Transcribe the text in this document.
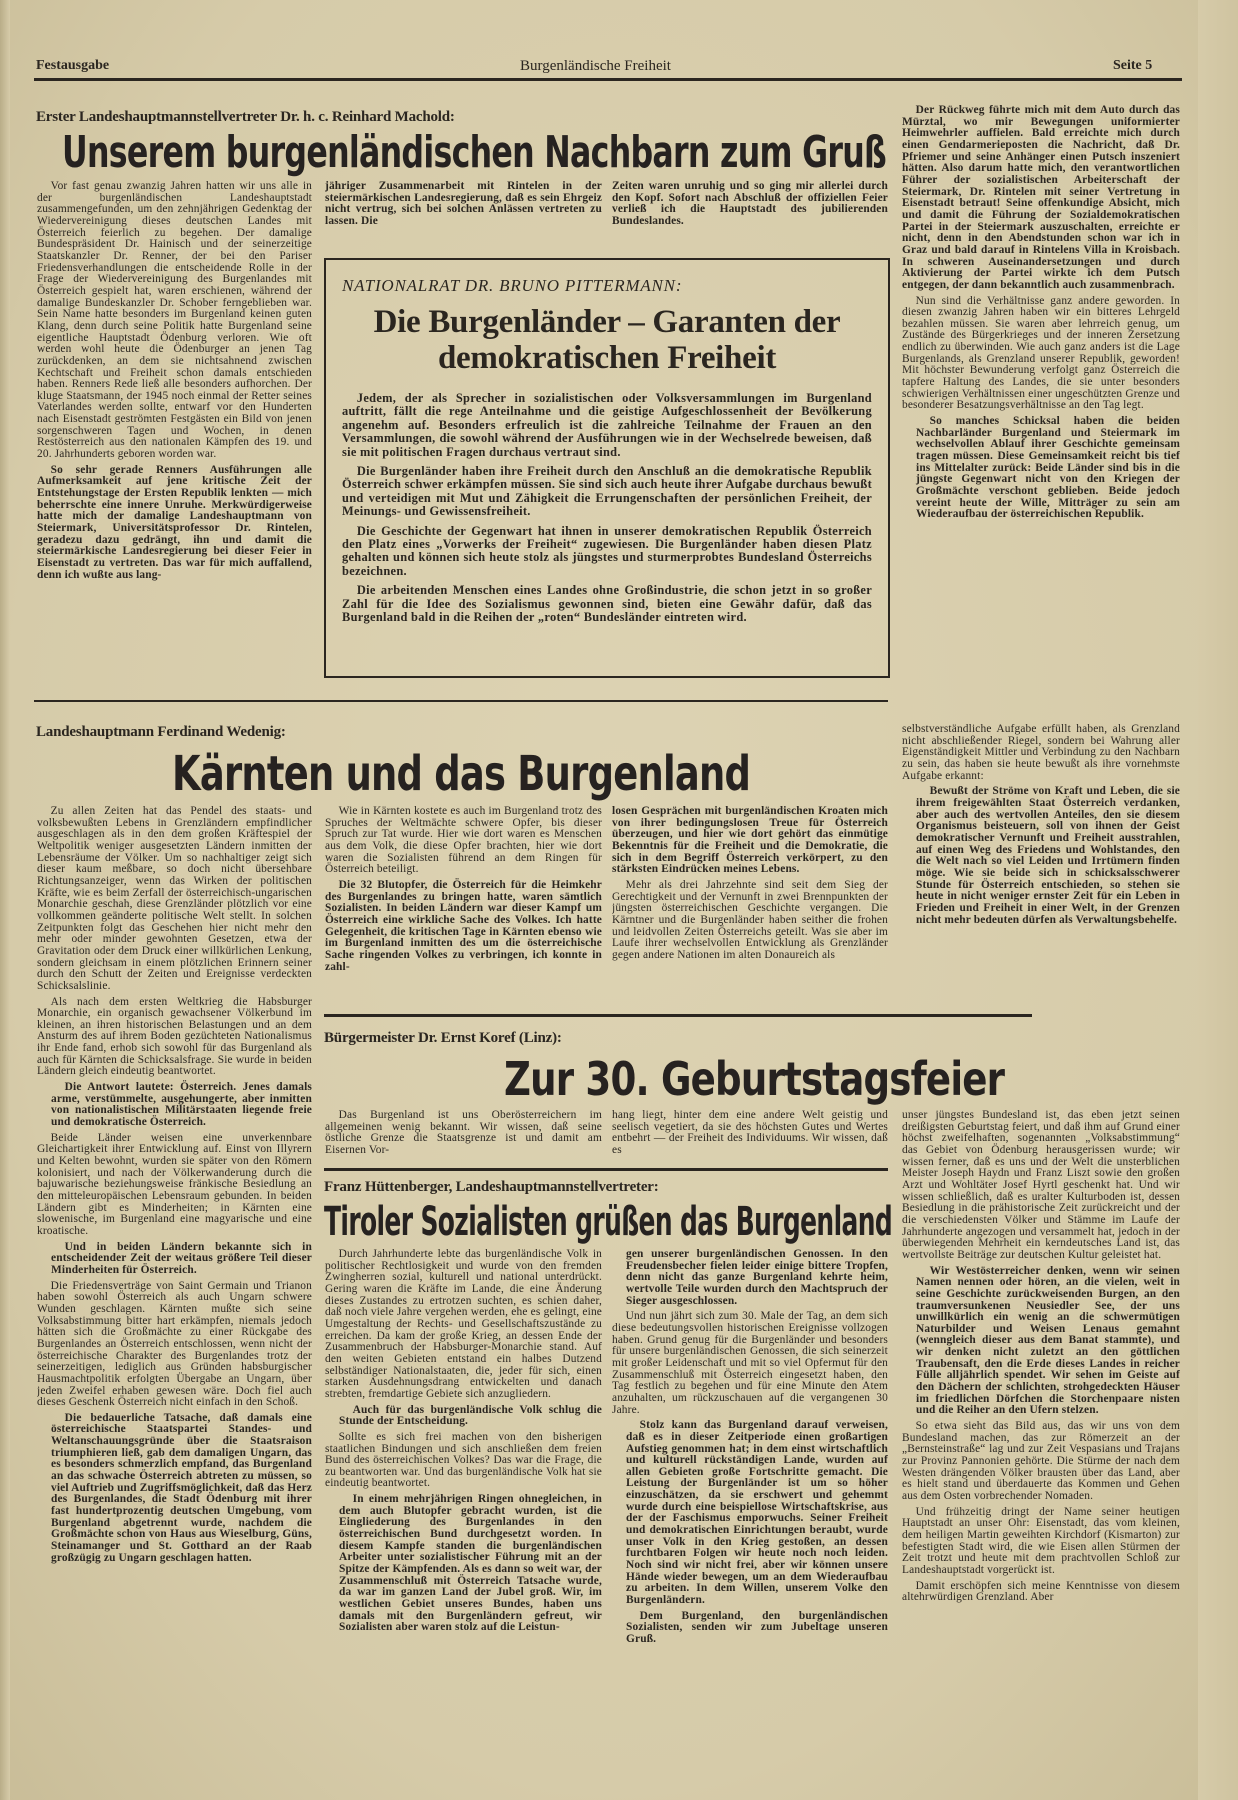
Festausgabe	Burgenländische Freiheit	Seite 5
Erster Landeshauptmannstellvertreter Dr. h. c. Reinhard Machold:
Unserem burgenländischen Nachbarn zum Gruß

Vor fast genau zwanzig Jahren hatten wir uns alle in der burgenländischen Landeshauptstadt zusammengefunden, um den zehnjährigen Gedenktag der Wiedervereinigung dieses deutschen Landes mit Österreich feierlich zu begehen. Der damalige Bundespräsident Dr. Hainisch und der seinerzeitige Staatskanzler Dr. Renner, der bei den Pariser Friedensverhandlungen die entscheidende Rolle in der Frage der Wiedervereinigung des Burgenlandes mit Österreich gespielt hat, waren erschienen, während der damalige Bundeskanzler Dr. Schober ferngeblieben war. Sein Name hatte besonders im Burgenland keinen guten Klang, denn durch seine Politik hatte Burgenland seine eigentliche Hauptstadt Ödenburg verloren. Wie oft werden wohl heute die Ödenburger an jenen Tag zurückdenken, an dem sie nichtsahnend zwischen Kechtschaft und Freiheit schon damals entschieden haben. Renners Rede ließ alle besonders aufhorchen. Der kluge Staatsmann, der 1945 noch einmal der Retter seines Vaterlandes werden sollte, entwarf vor den Hunderten nach Eisenstadt geströmten Festgästen ein Bild von jenen sorgenschweren Tagen und Wochen, in denen Restösterreich aus den nationalen Kämpfen des 19. und 20. Jahrhunderts geboren worden war.

So sehr gerade Renners Ausführungen alle Aufmerksamkeit auf jene kritische Zeit der Entstehungstage der Ersten Republik lenkten — mich beherrschte eine innere Unruhe. Merkwürdigerweise hatte mich der damalige Landeshauptmann von Steiermark, Universitätsprofessor Dr. Rintelen, geradezu dazu gedrängt, ihn und damit die steiermärkische Landesregierung bei dieser Feier in Eisenstadt zu vertreten. Das war für mich auffallend, denn ich wußte aus lang-

jähriger Zusammenarbeit mit Rintelen in der steiermärkischen Landesregierung, daß es sein Ehrgeiz nicht vertrug, sich bei solchen Anlässen vertreten zu lassen. Die

Zeiten waren unruhig und so ging mir allerlei durch den Kopf. Sofort nach Abschluß der offiziellen Feier verließ ich die Hauptstadt des jubilierenden Bundeslandes.

Der Rückweg führte mich mit dem Auto durch das Mürztal, wo mir Bewegungen uniformierter Heimwehrler auffielen. Bald erreichte mich durch einen Gendarmerieposten die Nachricht, daß Dr. Pfriemer und seine Anhänger einen Putsch inszeniert hätten. Also darum hatte mich, den verantwortlichen Führer der sozialistischen Arbeiterschaft der Steiermark, Dr. Rintelen mit seiner Vertretung in Eisenstadt betraut! Seine offenkundige Absicht, mich und damit die Führung der Sozialdemokratischen Partei in der Steiermark auszuschalten, erreichte er nicht, denn in den Abendstunden schon war ich in Graz und bald darauf in Rintelens Villa in Kroisbach. In schweren Auseinandersetzungen und durch Aktivierung der Partei wirkte ich dem Putsch entgegen, der dann bekanntlich auch zusammenbrach.

Nun sind die Verhältnisse ganz andere geworden. In diesen zwanzig Jahren haben wir ein bitteres Lehrgeld bezahlen müssen. Sie waren aber lehrreich genug, um Zustände des Bürgerkrieges und der inneren Zersetzung endlich zu überwinden. Wie auch ganz anders ist die Lage Burgenlands, als Grenzland unserer Republik, geworden! Mit höchster Bewunderung verfolgt ganz Österreich die tapfere Haltung des Landes, die sie unter besonders schwierigen Verhältnissen einer ungeschützten Grenze und besonderer Besatzungsverhältnisse an den Tag legt.

So manches Schicksal haben die beiden Nachbarländer Burgenland und Steiermark im wechselvollen Ablauf ihrer Geschichte gemeinsam tragen müssen. Diese Gemeinsamkeit reicht bis tief ins Mittelalter zurück: Beide Länder sind bis in die jüngste Gegenwart nicht von den Kriegen der Großmächte verschont geblieben. Beide jedoch vereint heute der Wille, Mitträger zu sein am Wiederaufbau der österreichischen Republik.

NATIONALRAT DR. BRUNO PITTERMANN:
Die Burgenländer – Garanten der demokratischen Freiheit

Jedem, der als Sprecher in sozialistischen oder Volksversammlungen im Burgenland auftritt, fällt die rege Anteilnahme und die geistige Aufgeschlossenheit der Bevölkerung angenehm auf. Besonders erfreulich ist die zahlreiche Teilnahme der Frauen an den Versammlungen, die sowohl während der Ausführungen wie in der Wechselrede beweisen, daß sie mit politischen Fragen durchaus vertraut sind.

Die Burgenländer haben ihre Freiheit durch den Anschluß an die demokratische Republik Österreich schwer erkämpfen müssen. Sie sind sich auch heute ihrer Aufgabe durchaus bewußt und verteidigen mit Mut und Zähigkeit die Errungenschaften der persönlichen Freiheit, der Meinungs- und Gewissensfreiheit.

Die Geschichte der Gegenwart hat ihnen in unserer demokratischen Republik Österreich den Platz eines „Vorwerks der Freiheit“ zugewiesen. Die Burgenländer haben diesen Platz gehalten und können sich heute stolz als jüngstes und sturmerprobtes Bundesland Österreichs bezeichnen.

Die arbeitenden Menschen eines Landes ohne Großindustrie, die schon jetzt in so großer Zahl für die Idee des Sozialismus gewonnen sind, bieten eine Gewähr dafür, daß das Burgenland bald in die Reihen der „roten“ Bundesländer eintreten wird.

Landeshauptmann Ferdinand Wedenig:
Kärnten und das Burgenland

Zu allen Zeiten hat das Pendel des staats- und volksbewußten Lebens in Grenzländern empfindlicher ausgeschlagen als in den dem großen Kräftespiel der Weltpolitik weniger ausgesetzten Ländern inmitten der Lebensräume der Völker. Um so nachhaltiger zeigt sich dieser kaum meßbare, so doch nicht übersehbare Richtungsanzeiger, wenn das Wirken der politischen Kräfte, wie es beim Zerfall der österreichisch-ungarischen Monarchie geschah, diese Grenzländer plötzlich vor eine vollkommen geänderte politische Welt stellt. In solchen Zeitpunkten folgt das Geschehen hier nicht mehr den mehr oder minder gewohnten Gesetzen, etwa der Gravitation oder dem Druck einer willkürlichen Lenkung, sondern gleichsam in einem plötzlichen Erinnern seiner durch den Schutt der Zeiten und Ereignisse verdeckten Schicksalslinie.

Als nach dem ersten Weltkrieg die Habsburger Monarchie, ein organisch gewachsener Völkerbund im kleinen, an ihren historischen Belastungen und an dem Ansturm des auf ihrem Boden gezüchteten Nationalismus ihr Ende fand, erhob sich sowohl für das Burgenland als auch für Kärnten die Schicksalsfrage. Sie wurde in beiden Ländern gleich eindeutig beantwortet.

Die Antwort lautete: Österreich. Jenes damals arme, verstümmelte, ausgehungerte, aber inmitten von nationalistischen Militärstaaten liegende freie und demokratische Österreich.

Beide Länder weisen eine unverkennbare Gleichartigkeit ihrer Entwicklung auf. Einst von Illyrern und Kelten bewohnt, wurden sie später von den Römern kolonisiert, und nach der Völkerwanderung durch die bajuwarische beziehungsweise fränkische Besiedlung an den mitteleuropäischen Lebensraum gebunden. In beiden Ländern gibt es Minderheiten; in Kärnten eine slowenische, im Burgenland eine magyarische und eine kroatische.

Und in beiden Ländern bekannte sich in entscheidender Zeit der weitaus größere Teil dieser Minderheiten für Österreich.

Die Friedensverträge von Saint Germain und Trianon haben sowohl Österreich als auch Ungarn schwere Wunden geschlagen. Kärnten mußte sich seine Volksabstimmung bitter hart erkämpfen, niemals jedoch hätten sich die Großmächte zu einer Rückgabe des Burgenlandes an Österreich entschlossen, wenn nicht der österreichische Charakter des Burgenlandes trotz der seinerzeitigen, lediglich aus Gründen habsburgischer Hausmachtpolitik erfolgten Übergabe an Ungarn, über jeden Zweifel erhaben gewesen wäre. Doch fiel auch dieses Geschenk Österreich nicht einfach in den Schoß.

Die bedauerliche Tatsache, daß damals eine österreichische Staatspartei Standes- und Weltanschauungsgründe über die Staatsraison triumphieren ließ, gab dem damaligen Ungarn, das es besonders schmerzlich empfand, das Burgenland an das schwache Österreich abtreten zu müssen, so viel Auftrieb und Zugriffsmöglichkeit, daß das Herz des Burgenlandes, die Stadt Ödenburg mit ihrer fast hundertprozentig deutschen Umgebung, vom Burgenland abgetrennt wurde, nachdem die Großmächte schon von Haus aus Wieselburg, Güns, Steinamanger und St. Gotthard an der Raab großzügig zu Ungarn geschlagen hatten.

Wie in Kärnten kostete es auch im Burgenland trotz des Spruches der Weltmächte schwere Opfer, bis dieser Spruch zur Tat wurde. Hier wie dort waren es Menschen aus dem Volk, die diese Opfer brachten, hier wie dort waren die Sozialisten führend an dem Ringen für Österreich beteiligt.

Die 32 Blutopfer, die Österreich für die Heimkehr des Burgenlandes zu bringen hatte, waren sämtlich Sozialisten. In beiden Ländern war dieser Kampf um Österreich eine wirkliche Sache des Volkes. Ich hatte Gelegenheit, die kritischen Tage in Kärnten ebenso wie im Burgenland inmitten des um die österreichische Sache ringenden Volkes zu verbringen, ich konnte in zahl-

losen Gesprächen mit burgenländischen Kroaten mich von ihrer bedingungslosen Treue für Österreich überzeugen, und hier wie dort gehört das einmütige Bekenntnis für die Freiheit und die Demokratie, die sich in dem Begriff Österreich verkörpert, zu den stärksten Eindrücken meines Lebens.

Mehr als drei Jahrzehnte sind seit dem Sieg der Gerechtigkeit und der Vernunft in zwei Brennpunkten der jüngsten österreichischen Geschichte vergangen. Die Kärntner und die Burgenländer haben seither die frohen und leidvollen Zeiten Österreichs geteilt. Was sie aber im Laufe ihrer wechselvollen Entwicklung als Grenzländer gegen andere Nationen im alten Donaureich als

selbstverständliche Aufgabe erfüllt haben, als Grenzland nicht abschließender Riegel, sondern bei Wahrung aller Eigenständigkeit Mittler und Verbindung zu den Nachbarn zu sein, das haben sie heute bewußt als ihre vornehmste Aufgabe erkannt:

Bewußt der Ströme von Kraft und Leben, die sie ihrem freigewählten Staat Österreich verdanken, aber auch des wertvollen Anteiles, den sie diesem Organismus beisteuern, soll von ihnen der Geist demokratischer Vernunft und Freiheit ausstrahlen, auf einen Weg des Friedens und Wohlstandes, den die Welt nach so viel Leiden und Irrtümern finden möge. Wie sie beide sich in schicksalsschwerer Stunde für Österreich entschieden, so stehen sie heute in nicht weniger ernster Zeit für ein Leben in Frieden und Freiheit in einer Welt, in der Grenzen nicht mehr bedeuten dürfen als Verwaltungsbehelfe.

Bürgermeister Dr. Ernst Koref (Linz):
Zur 30. Geburtstagsfeier

Das Burgenland ist uns Oberösterreichern im allgemeinen wenig bekannt. Wir wissen, daß seine östliche Grenze die Staatsgrenze ist und damit am Eisernen Vor-

hang liegt, hinter dem eine andere Welt geistig und seelisch vegetiert, da sie des höchsten Gutes und Wertes entbehrt — der Freiheit des Individuums. Wir wissen, daß es

unser jüngstes Bundesland ist, das eben jetzt seinen dreißigsten Geburtstag feiert, und daß ihm auf Grund einer höchst zweifelhaften, sogenannten „Volksabstimmung“ das Gebiet von Ödenburg herausgerissen wurde; wir wissen ferner, daß es uns und der Welt die unsterblichen Meister Joseph Haydn und Franz Liszt sowie den großen Arzt und Wohltäter Josef Hyrtl geschenkt hat. Und wir wissen schließlich, daß es uralter Kulturboden ist, dessen Besiedlung in die prähistorische Zeit zurückreicht und der die verschiedensten Völker und Stämme im Laufe der Jahrhunderte angezogen und versammelt hat, jedoch in der überwiegenden Mehrheit ein kerndeutsches Land ist, das wertvollste Beiträge zur deutschen Kultur geleistet hat.

Wir Westösterreicher denken, wenn wir seinen Namen nennen oder hören, an die vielen, weit in seine Geschichte zurückweisenden Burgen, an den traumversunkenen Neusiedler See, der uns unwillkürlich ein wenig an die schwermütigen Naturbilder und Weisen Lenaus gemahnt (wenngleich dieser aus dem Banat stammte), und wir denken nicht zuletzt an den göttlichen Traubensaft, den die Erde dieses Landes in reicher Fülle alljährlich spendet. Wir sehen im Geiste auf den Dächern der schlichten, strohgedeckten Häuser im friedlichen Dörfchen die Storchenpaare nisten und die Reiher an den Ufern stelzen.

So etwa sieht das Bild aus, das wir uns von dem Bundesland machen, das zur Römerzeit an der „Bernsteinstraße“ lag und zur Zeit Vespasians und Trajans zur Provinz Pannonien gehörte. Die Stürme der nach dem Westen drängenden Völker brausten über das Land, aber es hielt stand und überdauerte das Kommen und Gehen aus dem Osten vorbrechender Nomaden.

Und frühzeitig dringt der Name seiner heutigen Hauptstadt an unser Ohr: Eisenstadt, das vom kleinen, dem heiligen Martin geweihten Kirchdorf (Kismarton) zur befestigten Stadt wird, die wie Eisen allen Stürmen der Zeit trotzt und heute mit dem prachtvollen Schloß zur Landeshauptstadt vorgerückt ist.

Damit erschöpfen sich meine Kenntnisse von diesem altehrwürdigen Grenzland. Aber

Franz Hüttenberger, Landeshauptmannstellvertreter:
Tiroler Sozialisten grüßen das Burgenland

Durch Jahrhunderte lebte das burgenländische Volk in politischer Rechtlosigkeit und wurde von den fremden Zwingherren sozial, kulturell und national unterdrückt. Gering waren die Kräfte im Lande, die eine Änderung dieses Zustandes zu ertrotzen suchten, es schien daher, daß noch viele Jahre vergehen werden, ehe es gelingt, eine Umgestaltung der Rechts- und Gesellschaftszustände zu erreichen. Da kam der große Krieg, an dessen Ende der Zusammenbruch der Habsburger-Monarchie stand. Auf den weiten Gebieten entstand ein halbes Dutzend selbständiger Nationalstaaten, die, jeder für sich, einen starken Ausdehnungsdrang entwickelten und danach strebten, fremdartige Gebiete sich anzugliedern.

Auch für das burgenländische Volk schlug die Stunde der Entscheidung.

Sollte es sich frei machen von den bisherigen staatlichen Bindungen und sich anschließen dem freien Bund des österreichischen Volkes? Das war die Frage, die zu beantworten war. Und das burgenländische Volk hat sie eindeutig beantwortet.

In einem mehrjährigen Ringen ohnegleichen, in dem auch Blutopfer gebracht wurden, ist die Eingliederung des Burgenlandes in den österreichischen Bund durchgesetzt worden. In diesem Kampfe standen die burgenländischen Arbeiter unter sozialistischer Führung mit an der Spitze der Kämpfenden. Als es dann so weit war, der Zusammenschluß mit Österreich Tatsache wurde, da war im ganzen Land der Jubel groß. Wir, im westlichen Gebiet unseres Bundes, haben uns damals mit den Burgenländern gefreut, wir Sozialisten aber waren stolz auf die Leistun-

gen unserer burgenländischen Genossen. In den Freudensbecher fielen leider einige bittere Tropfen, denn nicht das ganze Burgenland kehrte heim, wertvolle Teile wurden durch den Machtspruch der Sieger ausgeschlossen.

Und nun jährt sich zum 30. Male der Tag, an dem sich diese bedeutungsvollen historischen Ereignisse vollzogen haben. Grund genug für die Burgenländer und besonders für unsere burgenländischen Genossen, die sich seinerzeit mit großer Leidenschaft und mit so viel Opfermut für den Zusammenschluß mit Österreich eingesetzt haben, den Tag festlich zu begehen und für eine Minute den Atem anzuhalten, um rückzuschauen auf die vergangenen 30 Jahre.

Stolz kann das Burgenland darauf verweisen, daß es in dieser Zeitperiode einen großartigen Aufstieg genommen hat; in dem einst wirtschaftlich und kulturell rückständigen Lande, wurden auf allen Gebieten große Fortschritte gemacht. Die Leistung der Burgenländer ist um so höher einzuschätzen, da sie erschwert und gehemmt wurde durch eine beispiellose Wirtschaftskrise, aus der der Faschismus emporwuchs. Seiner Freiheit und demokratischen Einrichtungen beraubt, wurde unser Volk in den Krieg gestoßen, an dessen furchtbaren Folgen wir heute noch noch leiden. Noch sind wir nicht frei, aber wir können unsere Hände wieder bewegen, um an dem Wiederaufbau zu arbeiten. In dem Willen, unserem Volke den Burgenländern.

Dem Burgenland, den burgenländischen Sozialisten, senden wir zum Jubeltage unseren Gruß.
